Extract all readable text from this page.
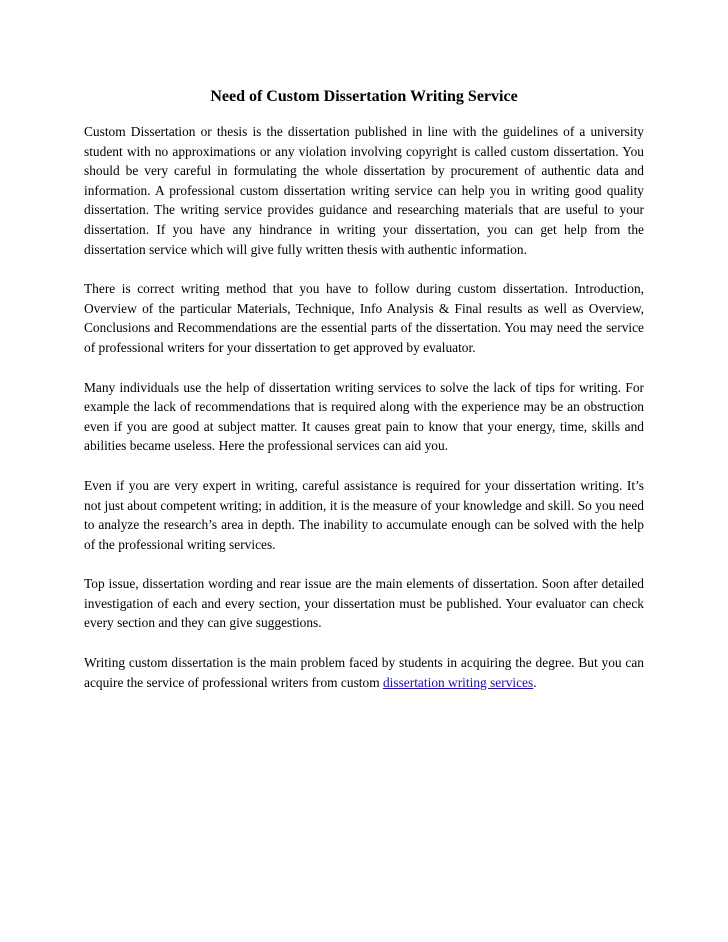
Need of Custom Dissertation Writing Service

Custom Dissertation or thesis is the dissertation published in line with the guidelines of a university student with no approximations or any violation involving copyright is called custom dissertation. You should be very careful in formulating the whole dissertation by procurement of authentic data and information. A professional custom dissertation writing service can help you in writing good quality dissertation. The writing service provides guidance and researching materials that are useful to your dissertation. If you have any hindrance in writing your dissertation, you can get help from the dissertation service which will give fully written thesis with authentic information.

There is correct writing method that you have to follow during custom dissertation. Introduction, Overview of the particular Materials, Technique, Info Analysis & Final results as well as Overview, Conclusions and Recommendations are the essential parts of the dissertation. You may need the service of professional writers for your dissertation to get approved by evaluator.

Many individuals use the help of dissertation writing services to solve the lack of tips for writing. For example the lack of recommendations that is required along with the experience may be an obstruction even if you are good at subject matter. It causes great pain to know that your energy, time, skills and abilities became useless. Here the professional services can aid you.

Even if you are very expert in writing, careful assistance is required for your dissertation writing. It’s not just about competent writing; in addition, it is the measure of your knowledge and skill. So you need to analyze the research’s area in depth. The inability to accumulate enough can be solved with the help of the professional writing services.

Top issue, dissertation wording and rear issue are the main elements of dissertation. Soon after detailed investigation of each and every section, your dissertation must be published. Your evaluator can check every section and they can give suggestions.

Writing custom dissertation is the main problem faced by students in acquiring the degree. But you can acquire the service of professional writers from custom dissertation writing services.
